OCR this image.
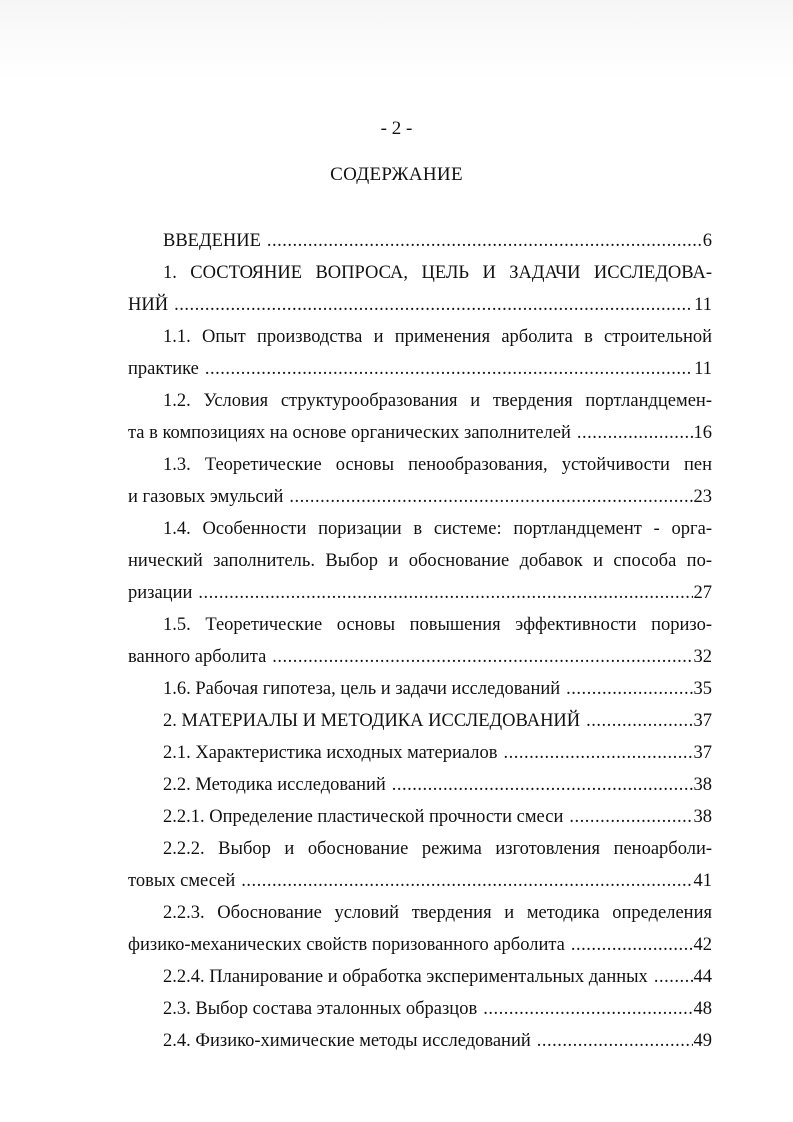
- 2 -
СОДЕРЖАНИЕ
ВВЕДЕНИЕ .....	6
1. СОСТОЯНИЕ ВОПРОСА, ЦЕЛЬ И ЗАДАЧИ ИССЛЕДОВА-
НИЙ .....	11
1.1. Опыт производства и применения арболита в строительной
практике .....	11
1.2. Условия структурообразования и твердения портландцемен-
та в композициях на основе органических заполнителей .....	16
1.3. Теоретические основы пенообразования, устойчивости пен
и газовых эмульсий .....	23
1.4. Особенности поризации в системе: портландцемент - орга-
нический заполнитель. Выбор и обоснование добавок и способа по-
ризации .....	27
1.5. Теоретические основы повышения эффективности поризо-
ванного арболита .....	32
1.6. Рабочая гипотеза, цель и задачи исследований .....	35
2. МАТЕРИАЛЫ И МЕТОДИКА ИССЛЕДОВАНИЙ .....	37
2.1. Характеристика исходных материалов .....	37
2.2. Методика исследований .....	38
2.2.1. Определение пластической прочности смеси .....	38
2.2.2. Выбор и обоснование режима изготовления пеноарболи-
товых смесей .....	41
2.2.3. Обоснование условий твердения и методика определения
физико-механических свойств поризованного арболита .....	42
2.2.4. Планирование и обработка экспериментальных данных ..... 44
2.3. Выбор состава эталонных образцов .....	48
2.4. Физико-химические методы исследований .....	49
